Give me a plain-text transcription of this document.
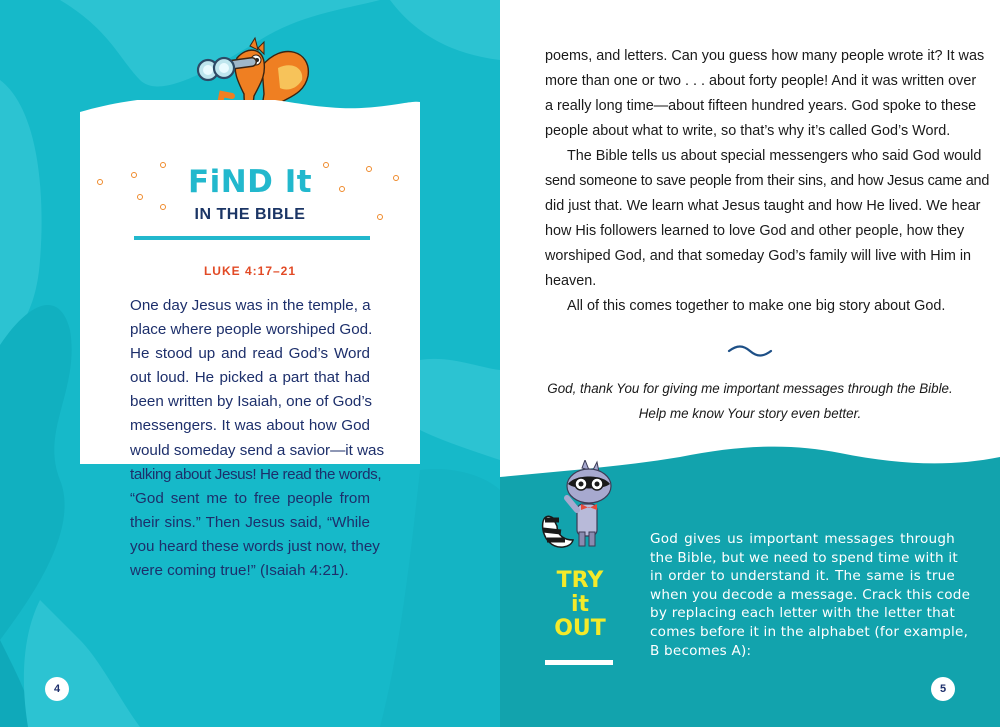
FiND It
IN THE BIBLE
LUKE 4:17–21
One day Jesus was in the temple, a
place where people worshiped God.
He stood up and read God’s Word
out loud. He picked a part that had
been written by Isaiah, one of God’s
messengers. It was about how God
would someday send a savior—it was
talking about Jesus! He read the words,
“God sent me to free people from
their sins.” Then Jesus said, “While
you heard these words just now, they
were coming true!” (Isaiah 4:21).
4
poems, and letters. Can you guess how many people wrote it? It was
more than one or two . . . about forty people! And it was written over
a really long time—about fifteen hundred years. God spoke to these
people about what to write, so that’s why it’s called God’s Word.
The Bible tells us about special messengers who said God would
send someone to save people from their sins, and how Jesus came and
did just that. We learn what Jesus taught and how He lived. We hear
how His followers learned to love God and other people, how they
worshiped God, and that someday God’s family will live with Him in
heaven.
All of this comes together to make one big story about God.
God, thank You for giving me important messages through the Bible.
Help me know Your story even better.
TRY
it
OUT
God gives us important messages through
the Bible, but we need to spend time with it
in order to understand it. The same is true
when you decode a message. Crack this code
by replacing each letter with the letter that
comes before it in the alphabet (for example,
B becomes A):
5
